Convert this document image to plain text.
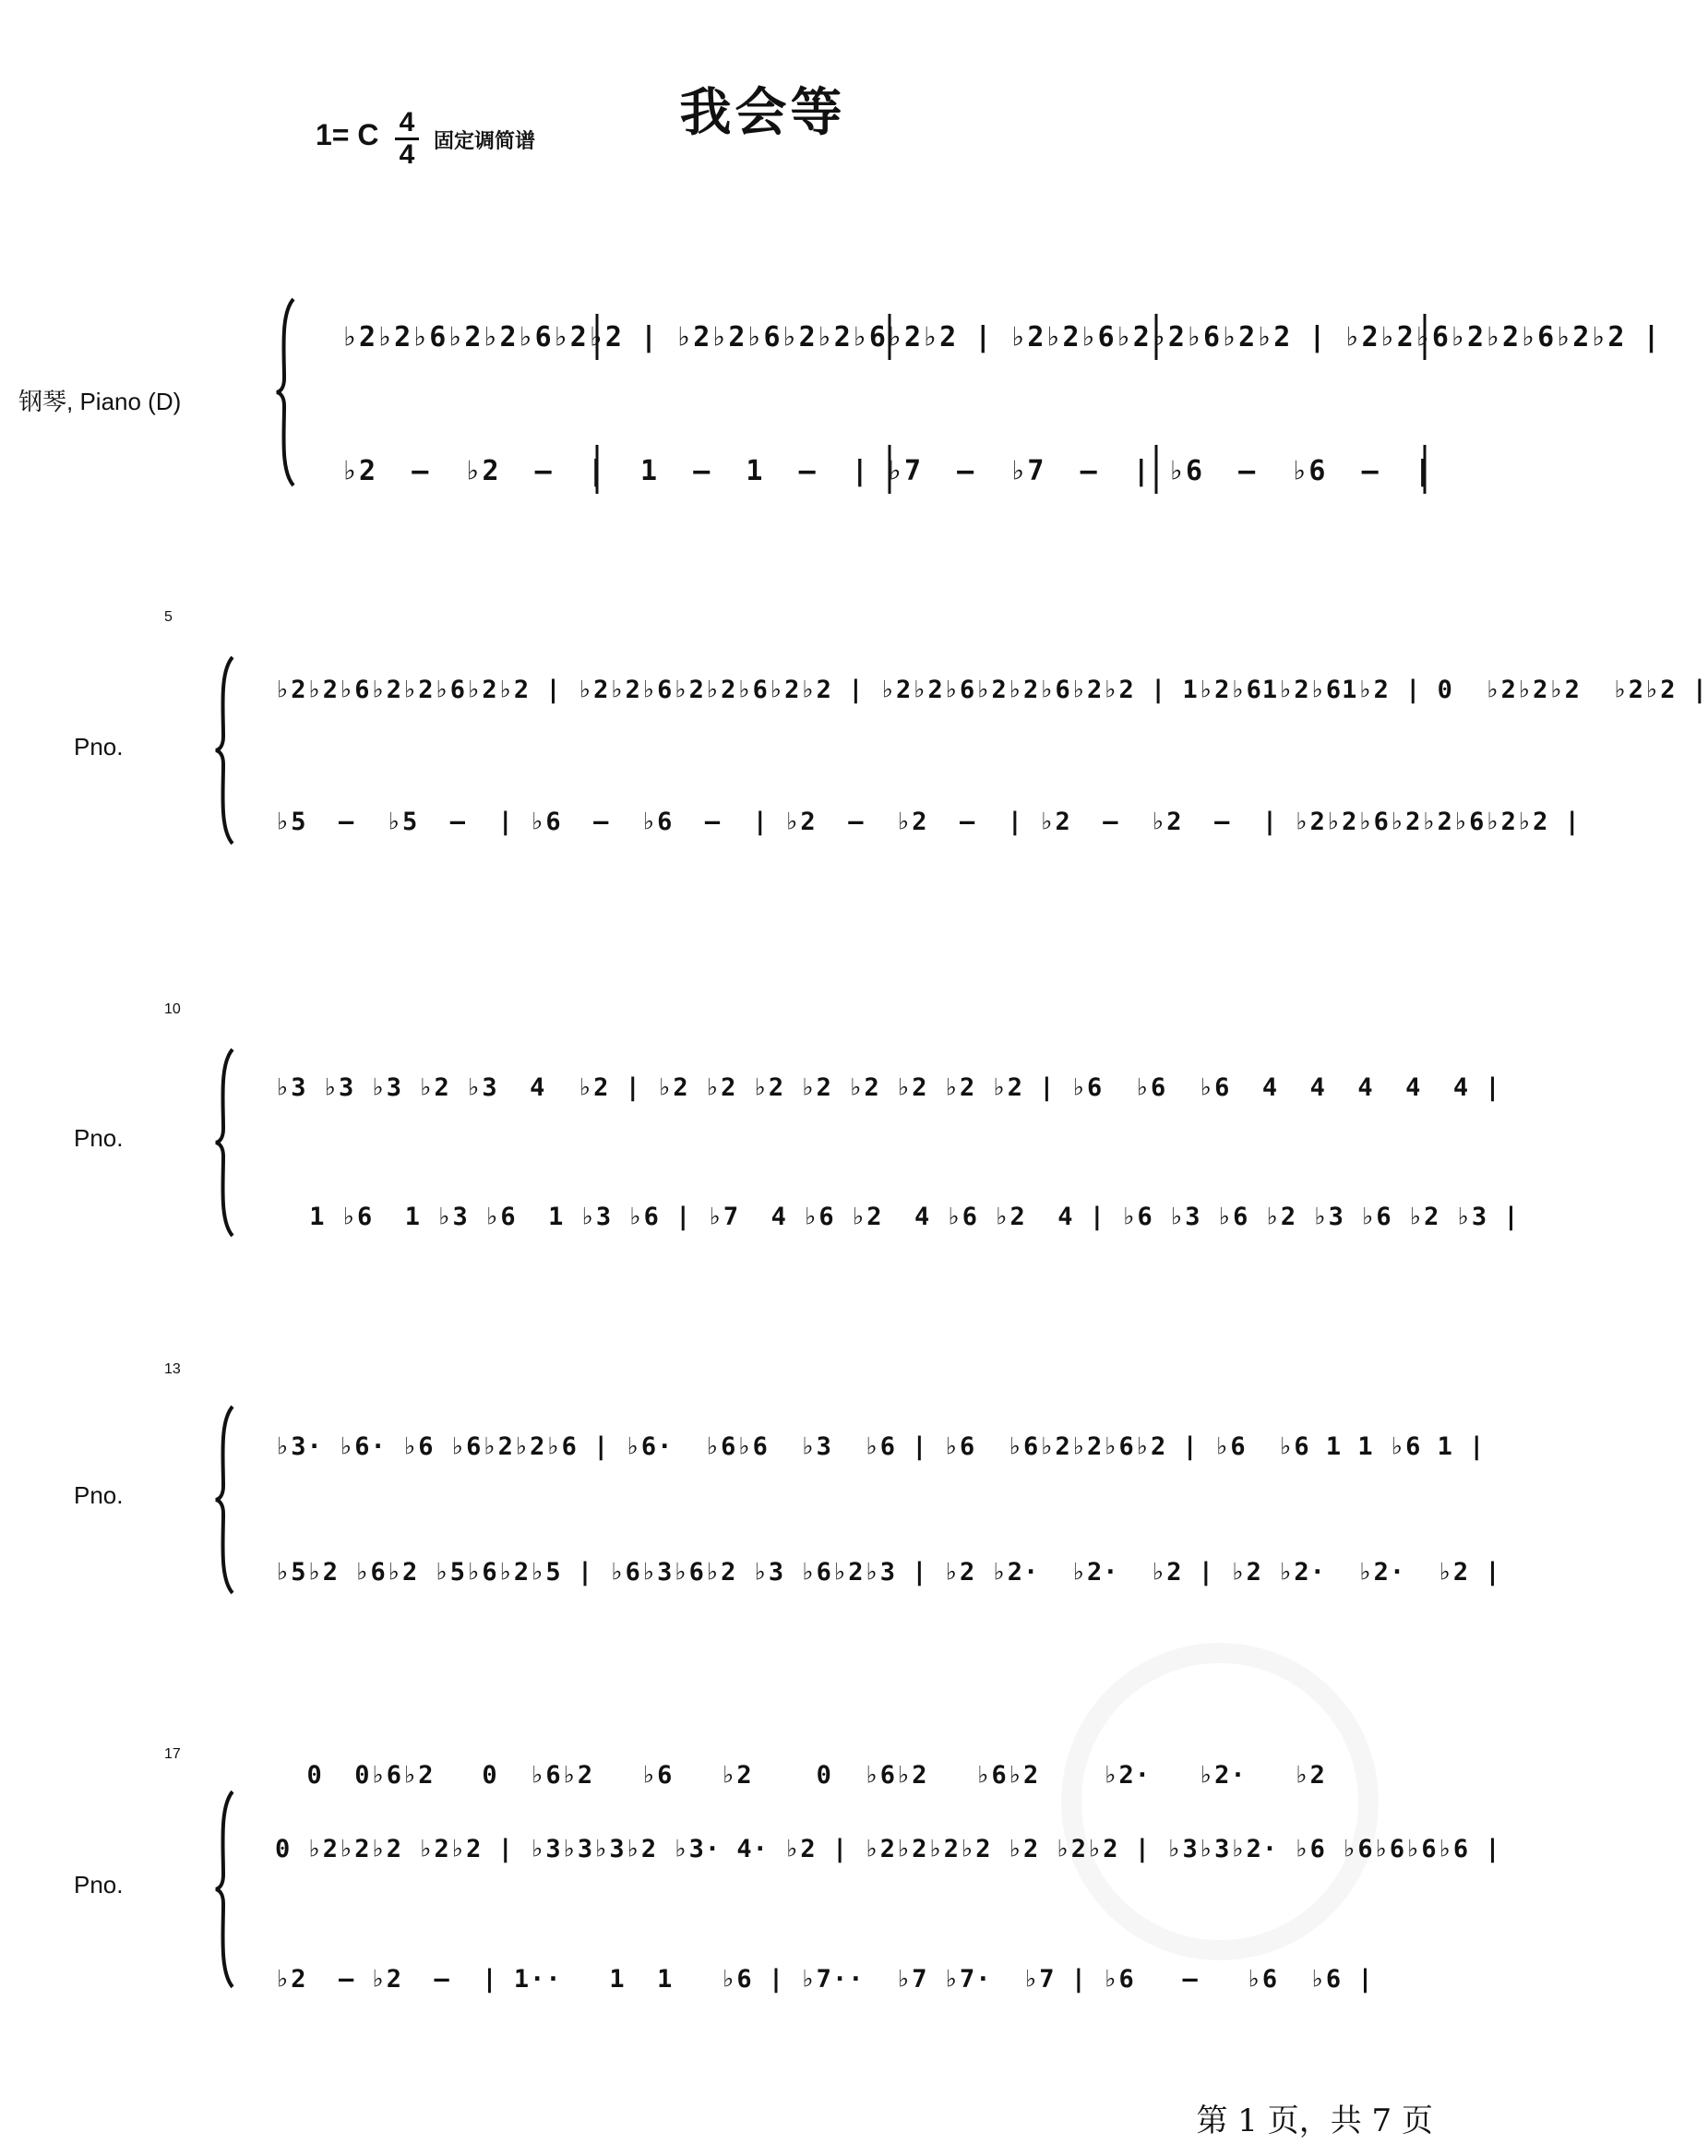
我会等
1= C 4
4 固定调简谱
钢琴, Piano (D)
♭2♭2♭6♭2♭2♭6♭2♭2 | ♭2♭2♭6♭2♭2♭6♭2♭2 | ♭2♭2♭6♭2♭2♭6♭2♭2 | ♭2♭2♭6♭2♭2♭6♭2♭2 |
♭2  –  ♭2  –  |  1  –  1  –  | ♭7  –  ♭7  –  | ♭6  –  ♭6  –  |
5
Pno.
♭2♭2♭6♭2♭2♭6♭2♭2 | ♭2♭2♭6♭2♭2♭6♭2♭2 | ♭2♭2♭6♭2♭2♭6♭2♭2 | 1♭2♭61♭2♭61♭2 | 0  ♭2♭2♭2  ♭2♭2 |
♭5  –  ♭5  –  | ♭6  –  ♭6  –  | ♭2  –  ♭2  –  | ♭2  –  ♭2  –  | ♭2♭2♭6♭2♭2♭6♭2♭2 |
10
Pno.
♭3 ♭3 ♭3 ♭2 ♭3  4  ♭2 | ♭2 ♭2 ♭2 ♭2 ♭2 ♭2 ♭2 ♭2 | ♭6  ♭6  ♭6  4  4  4  4  4 |
1 ♭6  1 ♭3 ♭6  1 ♭3 ♭6 | ♭7  4 ♭6 ♭2  4 ♭6 ♭2  4 | ♭6 ♭3 ♭6 ♭2 ♭3 ♭6 ♭2 ♭3 |
13
Pno.
♭3· ♭6· ♭6 ♭6♭2♭2♭6 | ♭6·  ♭6♭6  ♭3  ♭6 | ♭6  ♭6♭2♭2♭6♭2 | ♭6  ♭6 1 1 ♭6 1 |
♭5♭2 ♭6♭2 ♭5♭6♭2♭5 | ♭6♭3♭6♭2 ♭3 ♭6♭2♭3 | ♭2 ♭2·  ♭2·  ♭2 | ♭2 ♭2·  ♭2·  ♭2 |
17
Pno.
0  0♭6♭2   0  ♭6♭2   ♭6   ♭2    0  ♭6♭2   ♭6♭2    ♭2·   ♭2·   ♭2
0 ♭2♭2♭2 ♭2♭2 | ♭3♭3♭3♭2 ♭3· 4· ♭2 | ♭2♭2♭2♭2 ♭2 ♭2♭2 | ♭3♭3♭2· ♭6 ♭6♭6♭6♭6 |
♭2  – ♭2  –  | 1··   1  1   ♭6 | ♭7··  ♭7 ♭7·  ♭7 | ♭6   –   ♭6  ♭6 |
第 1 页，共 7 页
